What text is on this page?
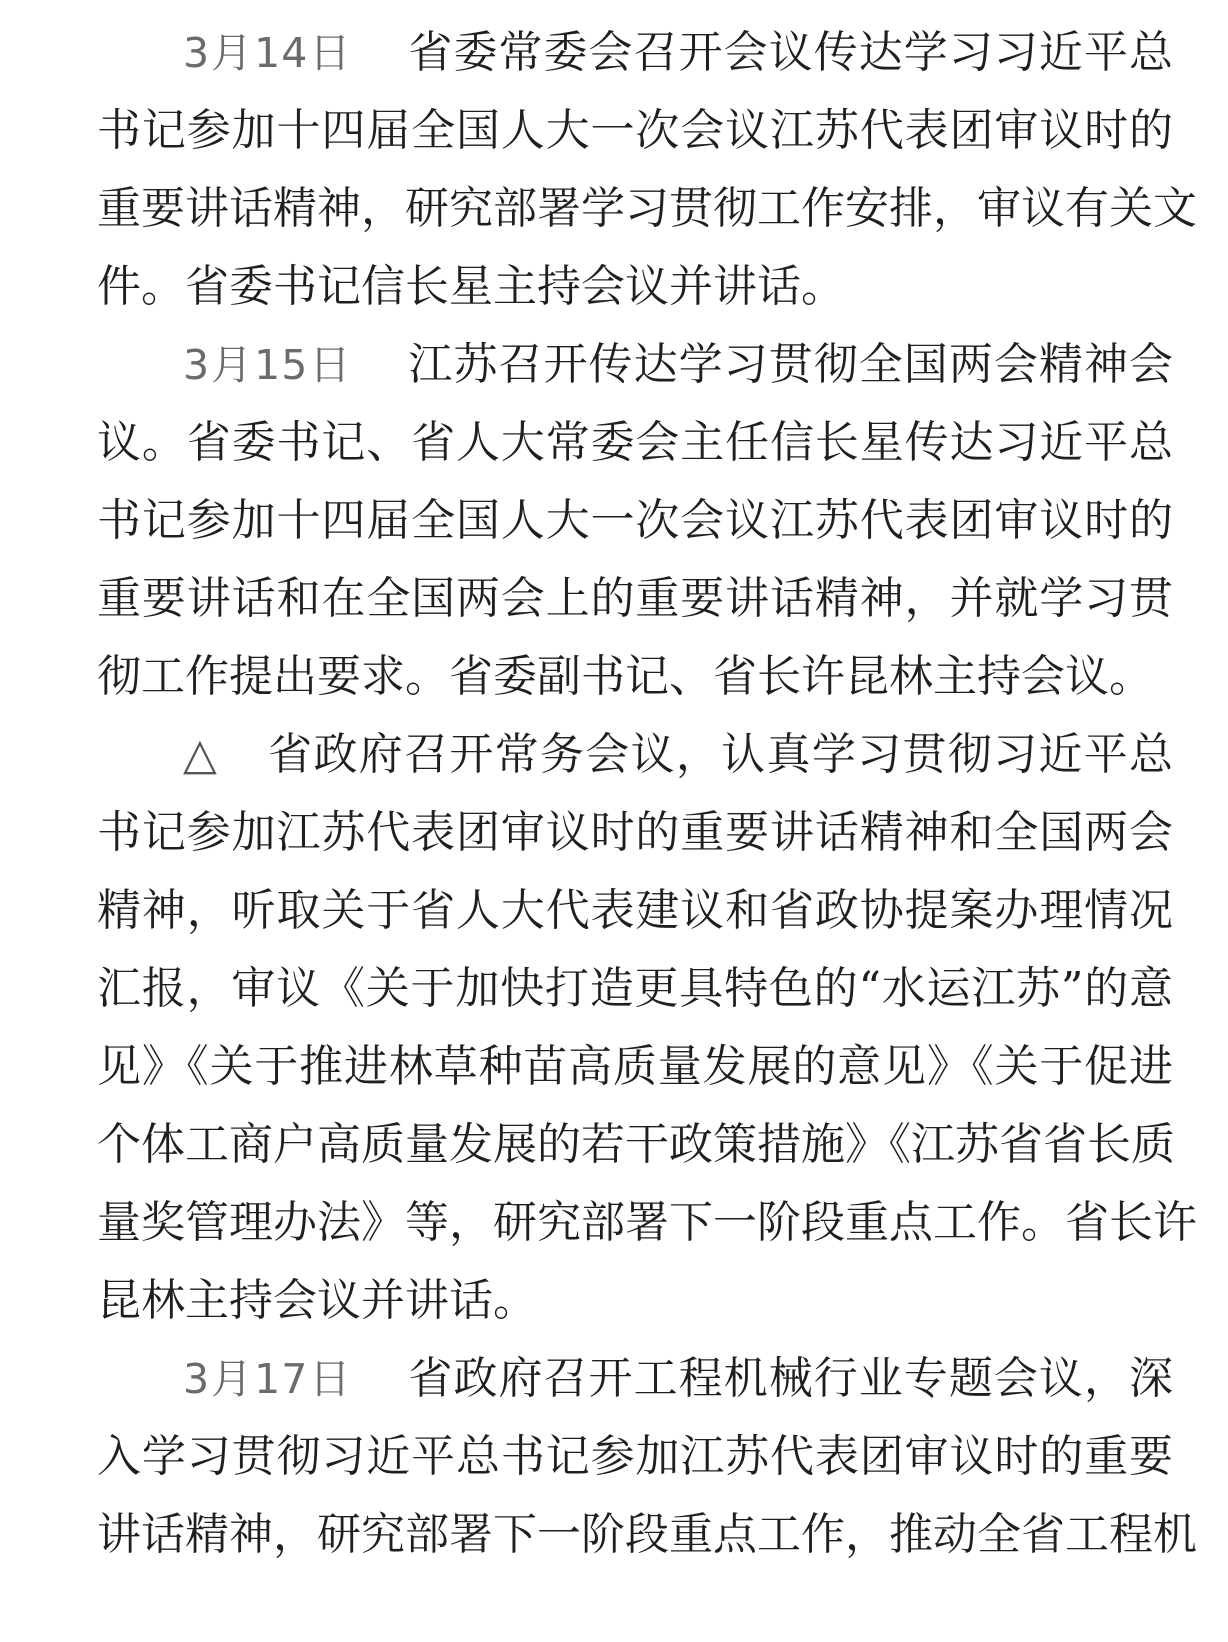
3月14日 省委常委会召开会议传达学习习近平总
书记参加十四届全国人大一次会议江苏代表团审议时的
重要讲话精神，研究部署学习贯彻工作安排，审议有关文
件。省委书记信长星主持会议并讲话。
3月15日 江苏召开传达学习贯彻全国两会精神会
议。省委书记、省人大常委会主任信长星传达习近平总
书记参加十四届全国人大一次会议江苏代表团审议时的
重要讲话和在全国两会上的重要讲话精神，并就学习贯
彻工作提出要求。省委副书记、省长许昆林主持会议。
△ 省政府召开常务会议，认真学习贯彻习近平总
书记参加江苏代表团审议时的重要讲话精神和全国两会
精神，听取关于省人大代表建议和省政协提案办理情况
汇报，审议《关于加快打造更具特色的“水运江苏”的意
见》《关于推进林草种苗高质量发展的意见》《关于促进
个体工商户高质量发展的若干政策措施》《江苏省省长质
量奖管理办法》等，研究部署下一阶段重点工作。省长许
昆林主持会议并讲话。
3月17日 省政府召开工程机械行业专题会议，深
入学习贯彻习近平总书记参加江苏代表团审议时的重要
讲话精神，研究部署下一阶段重点工作，推动全省工程机
